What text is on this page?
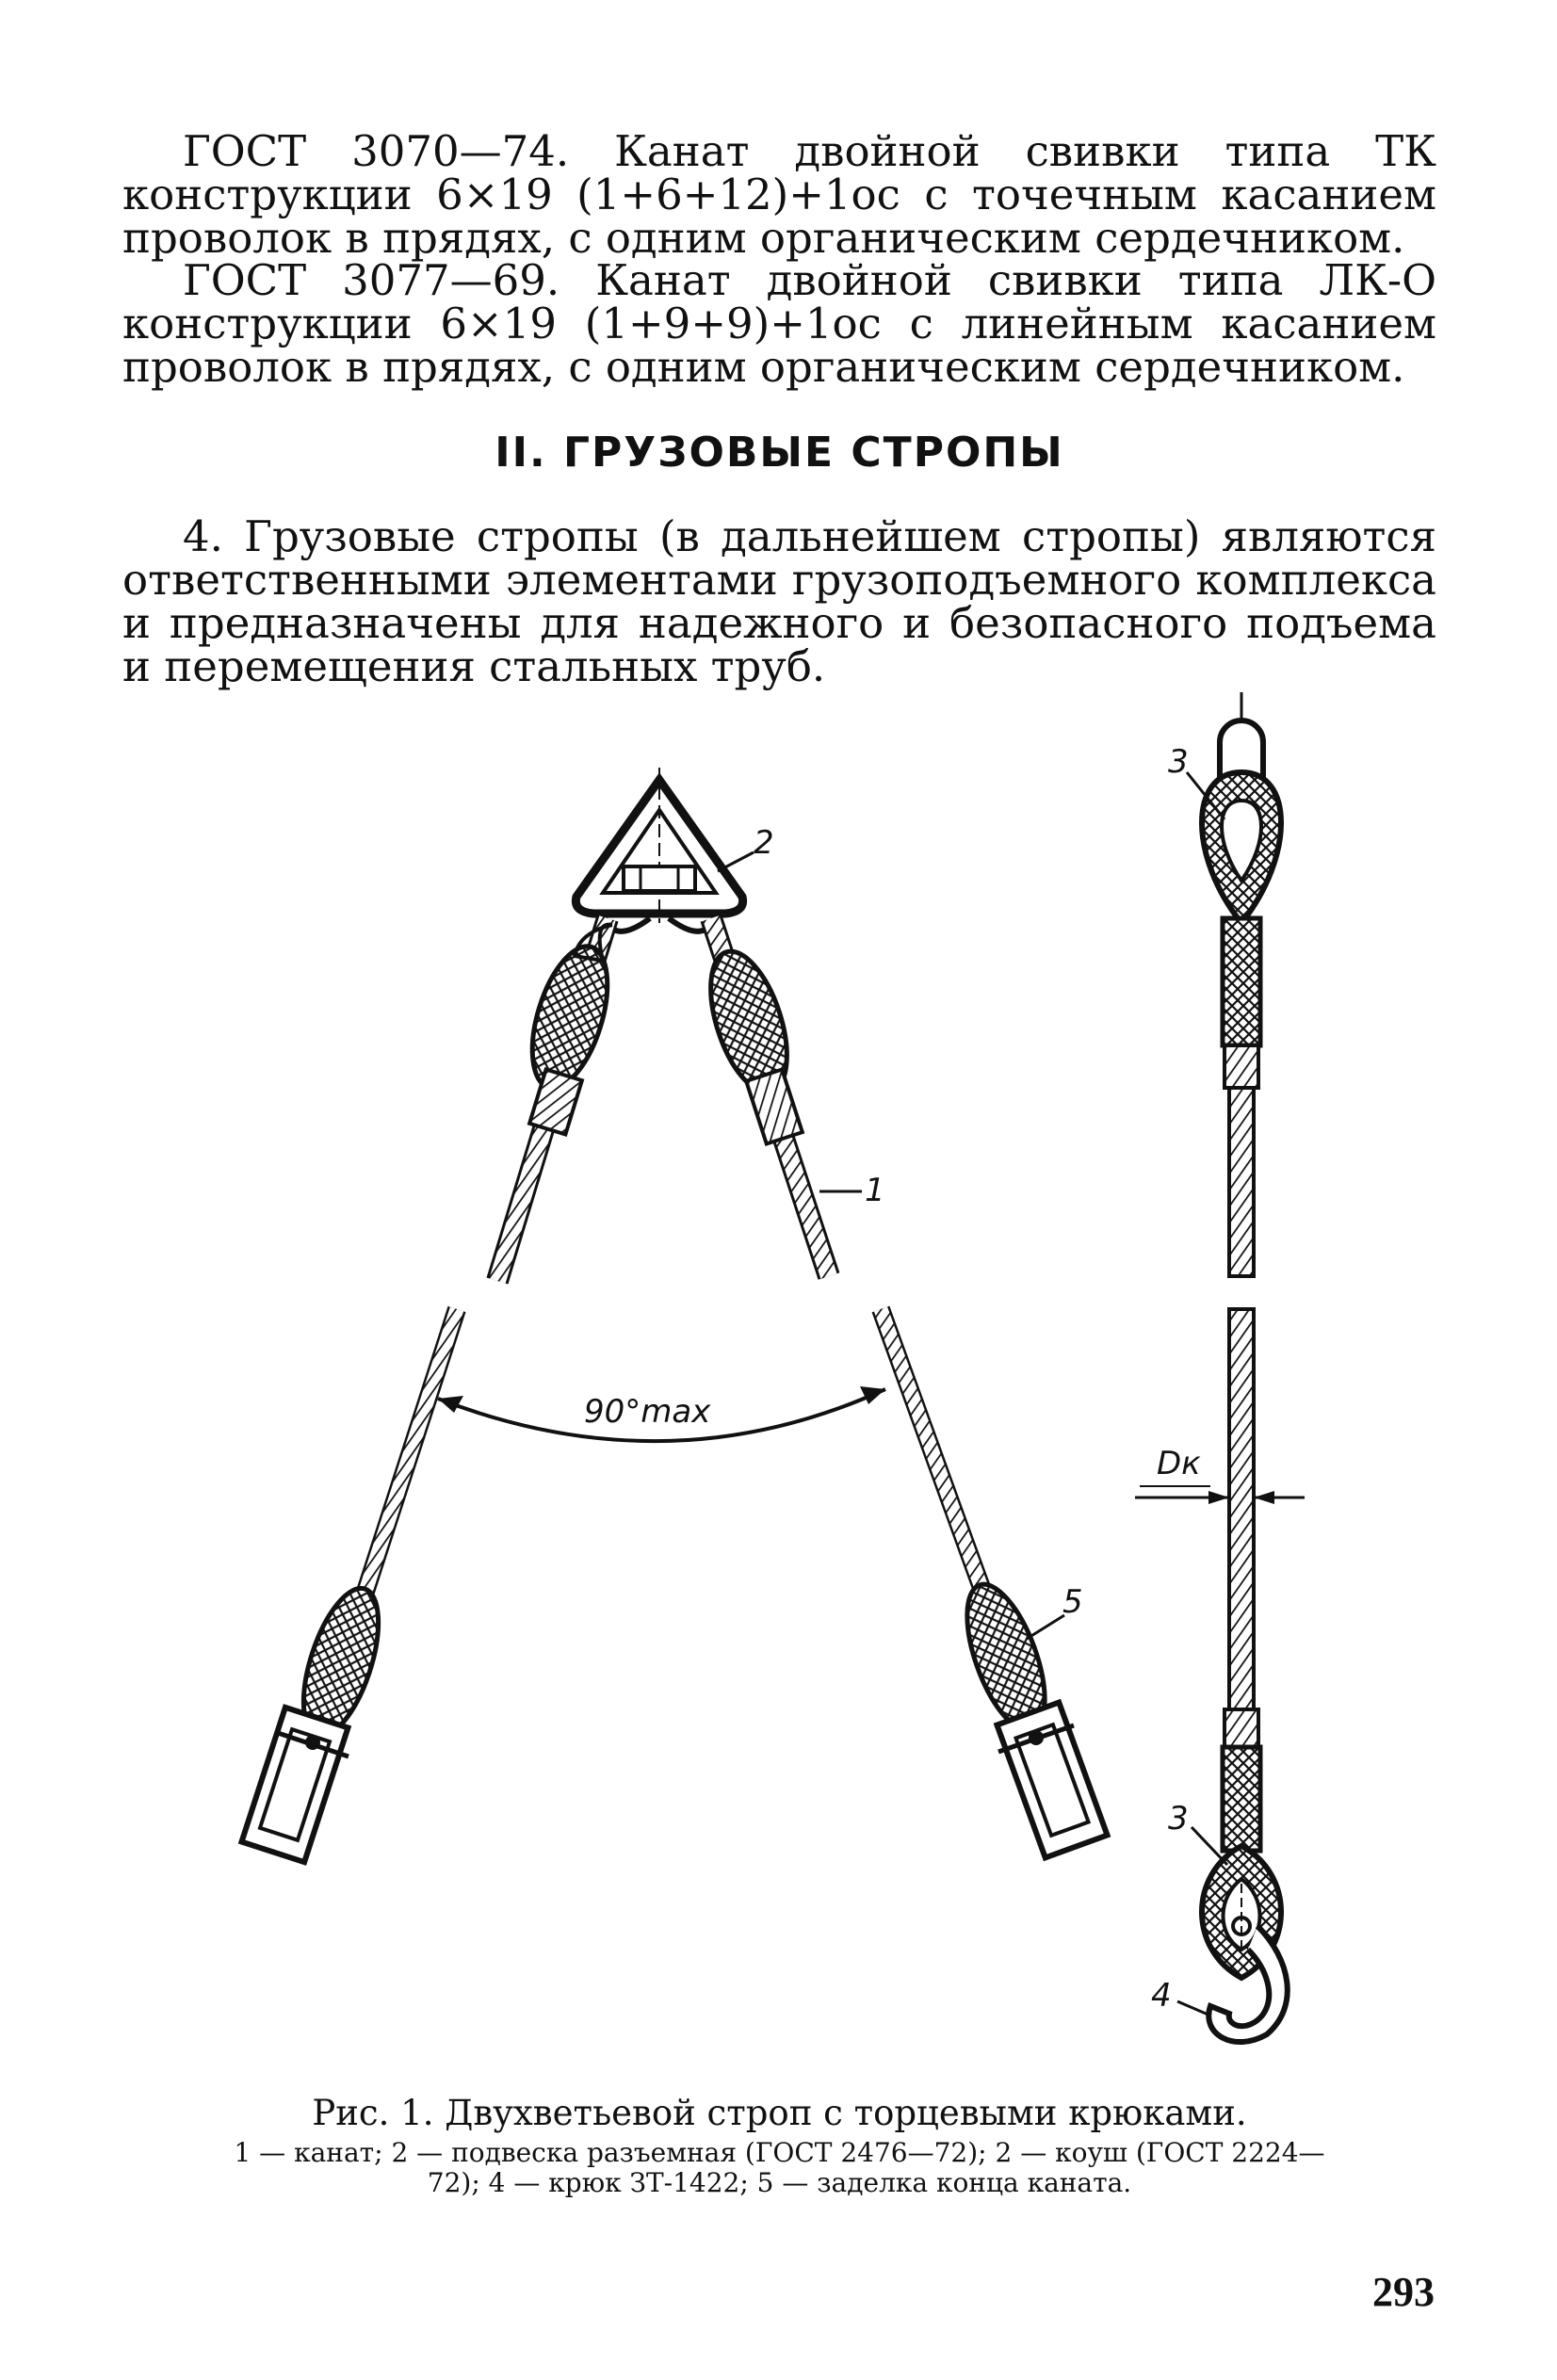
ГОСТ 3070—74. Канат двойной свивки типа ТК конструкции 6×19 (1+6+12)+1ос с точечным касанием проволок в прядях, с одним органическим сердечником.

ГОСТ 3077—69. Канат двойной свивки типа ЛК-О конструкции 6×19 (1+9+9)+1ос с линейным касанием проволок в прядях, с одним органическим сердечником.

II. ГРУЗОВЫЕ СТРОПЫ

4. Грузовые стропы (в дальнейшем стропы) являются ответственными элементами грузоподъемного комплекса и предназначены для надежного и безопасного подъема и перемещения стальных труб.

2
1
5
90°max
3
Dк
3
4

Рис. 1. Двухветьевой строп с торцевыми крюками.

1 — канат; 2 — подвеска разъемная (ГОСТ 2476—72); 2 — коуш (ГОСТ 2224—72); 4 — крюк ЗТ-1422; 5 — заделка конца каната.

293
